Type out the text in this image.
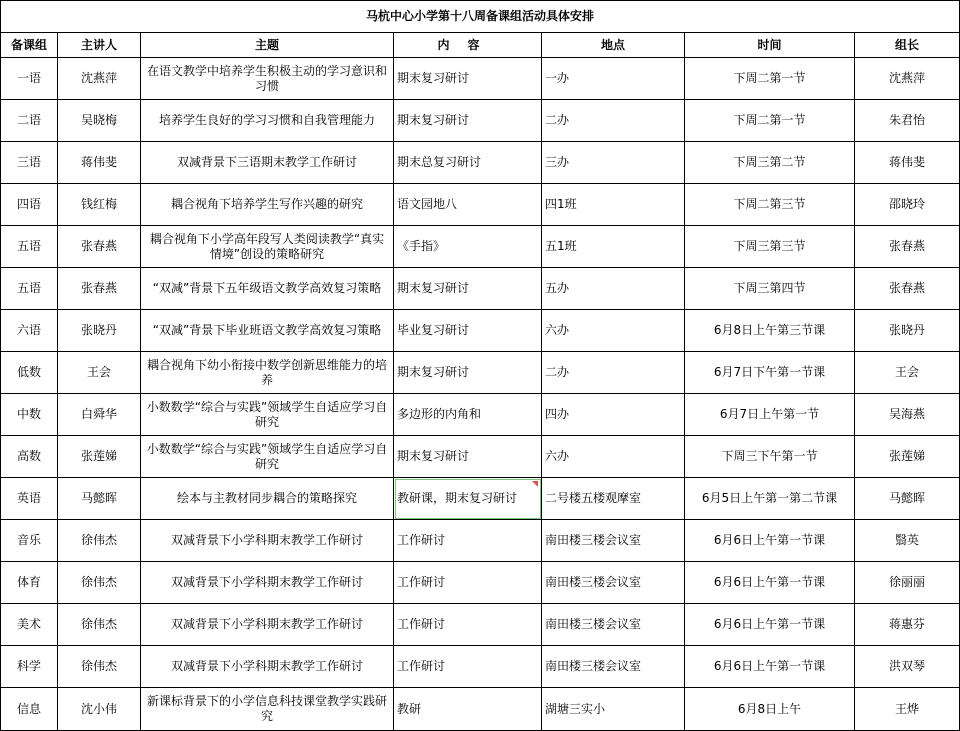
马杭中心小学第十八周备课组活动具体安排						
备课组	主讲人	主题	内容	地点	时间	组长
一语	沈燕萍	在语文教学中培养学生积极主动的学习意识和习惯	期末复习研讨	一办	下周二第一节	沈燕萍
二语	吴晓梅	培养学生良好的学习习惯和自我管理能力	期末复习研讨	二办	下周二第一节	朱君怡
三语	蒋伟斐	双减背景下三语期末教学工作研讨	期末总复习研讨	三办	下周三第二节	蒋伟斐
四语	钱红梅	耦合视角下培养学生写作兴趣的研究	语文园地八	四1班	下周二第三节	邵晓玲
五语	张春燕	耦合视角下小学高年段写人类阅读教学“真实情境”创设的策略研究	《手指》	五1班	下周三第三节	张春燕
五语	张春燕	“双减”背景下五年级语文教学高效复习策略	期末复习研讨	五办	下周三第四节	张春燕
六语	张晓丹	“双减”背景下毕业班语文教学高效复习策略	毕业复习研讨	六办	6月8日上午第三节课	张晓丹
低数	王会	耦合视角下幼小衔接中数学创新思维能力的培养	期末复习研讨	二办	6月7日下午第一节课	王会
中数	白舜华	小数数学“综合与实践”领域学生自适应学习自研究	多边形的内角和	四办	6月7日上午第一节	吴海燕
高数	张莲娣	小数数学“综合与实践”领域学生自适应学习自研究	期末复习研讨	六办	下周三下午第一节	张莲娣
英语	马懿晖	绘本与主教材同步耦合的策略探究	教研课，期末复习研讨	二号楼五楼观摩室	6月5日上午第一第二节课	马懿晖
音乐	徐伟杰	双减背景下小学科期末教学工作研讨	工作研讨	南田楼三楼会议室	6月6日上午第一节课	翳英
体育	徐伟杰	双减背景下小学科期末教学工作研讨	工作研讨	南田楼三楼会议室	6月6日上午第一节课	徐丽丽
美术	徐伟杰	双减背景下小学科期末教学工作研讨	工作研讨	南田楼三楼会议室	6月6日上午第一节课	蒋惠芬
科学	徐伟杰	双减背景下小学科期末教学工作研讨	工作研讨	南田楼三楼会议室	6月6日上午第一节课	洪双琴
信息	沈小伟	新课标背景下的小学信息科技课堂教学实践研究	教研	湖塘三实小	6月8日上午	王烨
